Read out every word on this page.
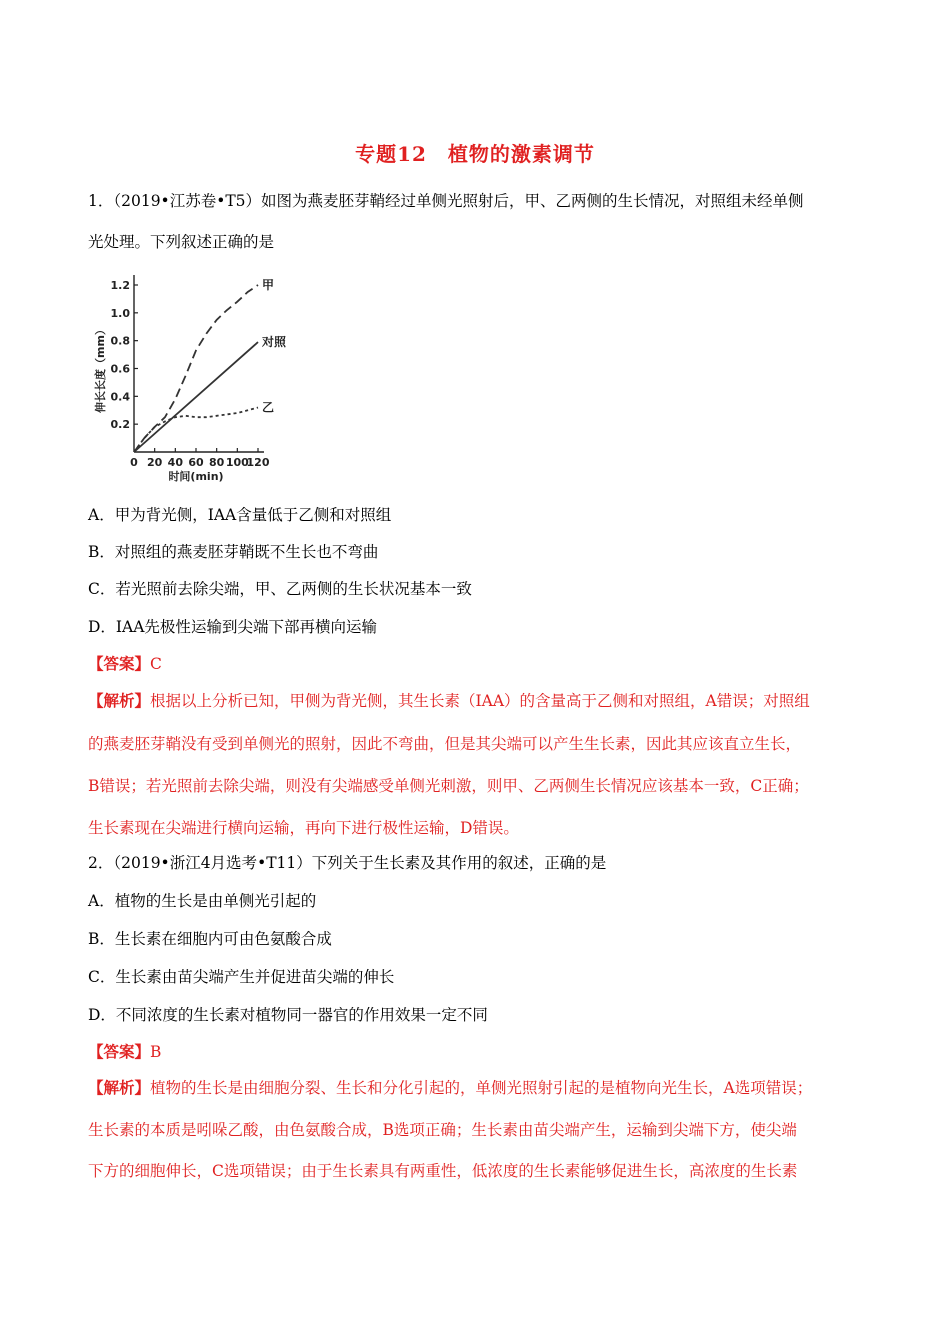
专题12　植物的激素调节
1．（2019•江苏卷•T5）如图为燕麦胚芽鞘经过单侧光照射后，甲、乙两侧的生长情况，对照组未经单侧
光处理。下列叙述正确的是
0.2
0.4
0.6
0.8
1.0
1.2
0 20 40 60 80 100
120
甲
对照
乙
时间(min)
伸长长度（mm）
A．甲为背光侧，IAA含量低于乙侧和对照组
B．对照组的燕麦胚芽鞘既不生长也不弯曲
C．若光照前去除尖端，甲、乙两侧的生长状况基本一致
D．IAA先极性运输到尖端下部再横向运输
【答案】C
【解析】根据以上分析已知，甲侧为背光侧，其生长素（IAA）的含量高于乙侧和对照组，A错误；对照组
的燕麦胚芽鞘没有受到单侧光的照射，因此不弯曲，但是其尖端可以产生生长素，因此其应该直立生长，
B错误；若光照前去除尖端，则没有尖端感受单侧光刺激，则甲、乙两侧生长情况应该基本一致，C正确；
生长素现在尖端进行横向运输，再向下进行极性运输，D错误。
2．（2019•浙江4月选考•T11）下列关于生长素及其作用的叙述，正确的是
A．植物的生长是由单侧光引起的
B．生长素在细胞内可由色氨酸合成
C．生长素由苗尖端产生并促进苗尖端的伸长
D．不同浓度的生长素对植物同一器官的作用效果一定不同
【答案】B
【解析】植物的生长是由细胞分裂、生长和分化引起的，单侧光照射引起的是植物向光生长，A选项错误；
生长素的本质是吲哚乙酸，由色氨酸合成，B选项正确；生长素由苗尖端产生，运输到尖端下方，使尖端
下方的细胞伸长，C选项错误；由于生长素具有两重性，低浓度的生长素能够促进生长，高浓度的生长素
